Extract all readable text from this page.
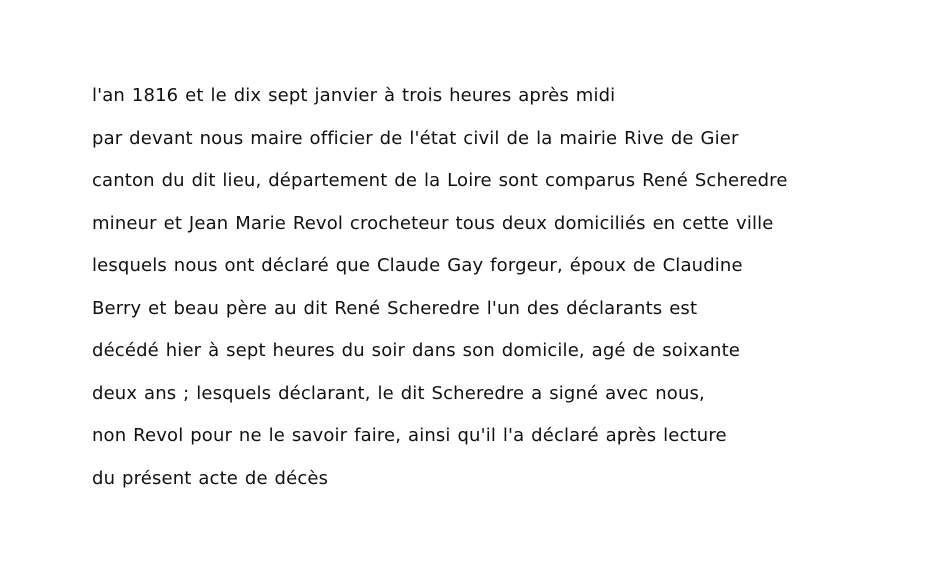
l'an 1816 et le dix sept janvier à trois heures après midi
par devant nous maire officier de l'état civil de la mairie Rive de Gier
canton du dit lieu, département de la Loire sont comparus René Scheredre
mineur et Jean Marie Revol crocheteur tous deux domiciliés en cette ville
lesquels nous ont déclaré que Claude Gay forgeur, époux de Claudine
Berry et beau père au dit René Scheredre l'un des déclarants est
décédé hier à sept heures du soir dans son domicile, agé de soixante
deux ans ; lesquels déclarant, le dit Scheredre a signé avec nous,
non Revol pour ne le savoir faire, ainsi qu'il l'a déclaré après lecture
du présent acte de décès
